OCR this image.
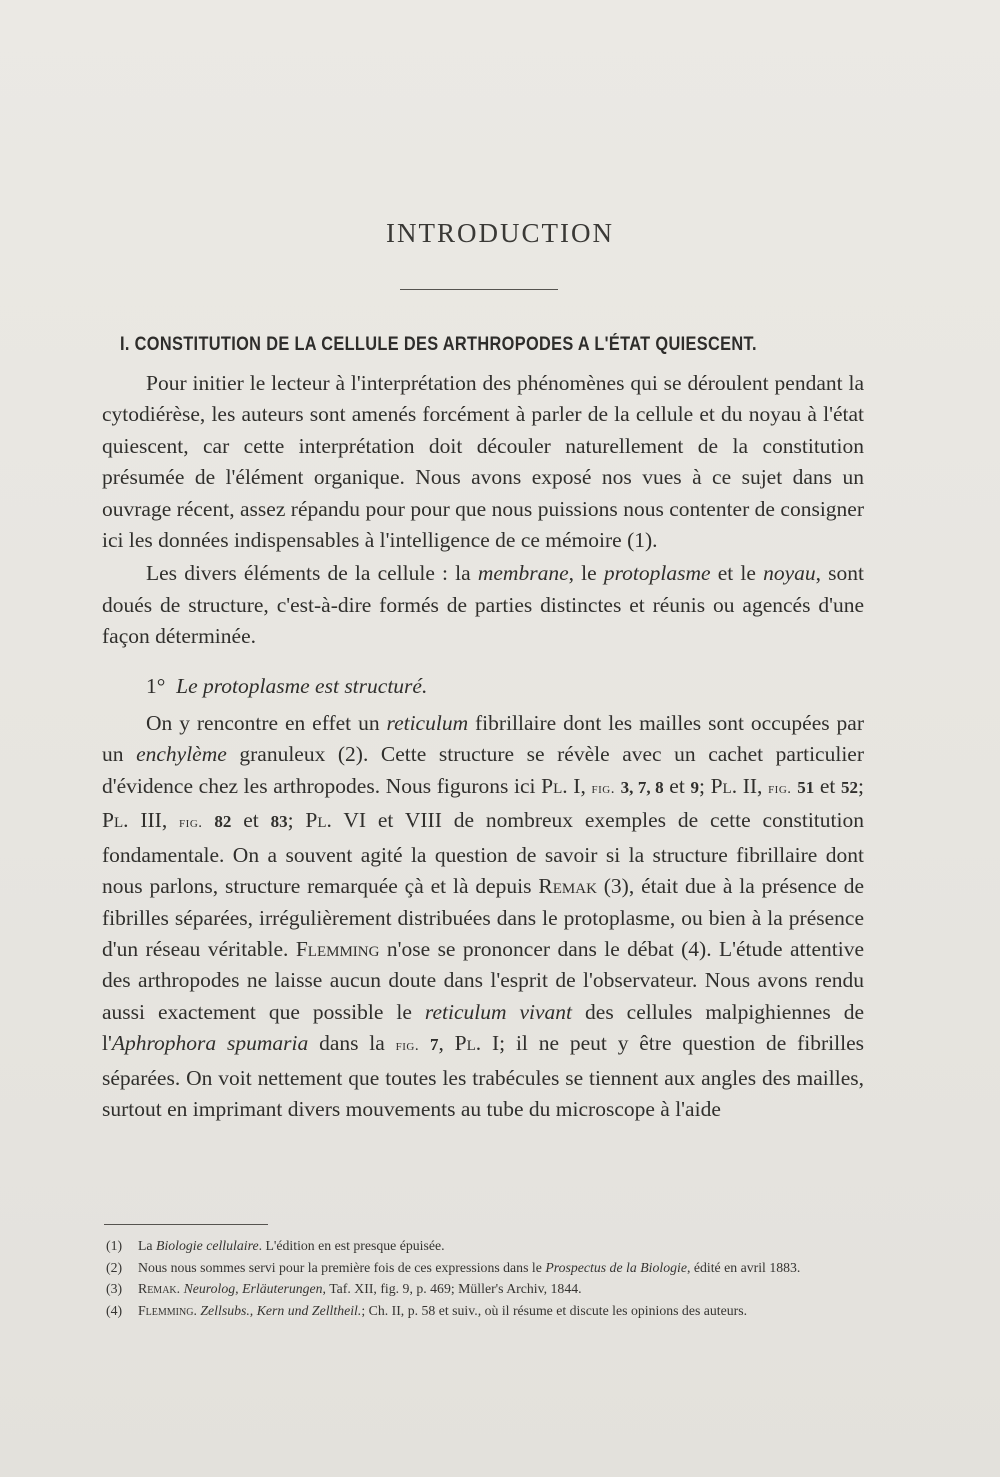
INTRODUCTION
I. CONSTITUTION DE LA CELLULE DES ARTHROPODES A L'ÉTAT QUIESCENT.

Pour initier le lecteur à l'interprétation des phénomènes qui se déroulent pendant la cytodiérèse, les auteurs sont amenés forcément à parler de la cellule et du noyau à l'état quiescent, car cette interprétation doit découler naturellement de la constitution présumée de l'élément organique. Nous avons exposé nos vues à ce sujet dans un ouvrage récent, assez répandu pour pour que nous puissions nous contenter de consigner ici les données indispensables à l'intelligence de ce mémoire (1).

Les divers éléments de la cellule : la membrane, le protoplasme et le noyau, sont doués de structure, c'est-à-dire formés de parties distinctes et réunis ou agencés d'une façon déterminée.

1° Le protoplasme est structuré.

On y rencontre en effet un reticulum fibrillaire dont les mailles sont occupées par un enchylème granuleux (2). Cette structure se révèle avec un cachet particulier d'évidence chez les arthropodes. Nous figurons ici Pl. I, fig. 3, 7, 8 et 9; Pl. II, fig. 51 et 52; Pl. III, fig. 82 et 83; Pl. VI et VIII de nombreux exemples de cette constitution fondamentale. On a souvent agité la question de savoir si la structure fibrillaire dont nous parlons, structure remarquée çà et là depuis Remak (3), était due à la présence de fibrilles séparées, irrégulièrement distribuées dans le protoplasme, ou bien à la présence d'un réseau véritable. Flemming n'ose se prononcer dans le débat (4). L'étude attentive des arthropodes ne laisse aucun doute dans l'esprit de l'observateur. Nous avons rendu aussi exactement que possible le reticulum vivant des cellules malpighiennes de l'Aphrophora spumaria dans la fig. 7, Pl. I; il ne peut y être question de fibrilles séparées. On voit nettement que toutes les trabécules se tiennent aux angles des mailles, surtout en imprimant divers mouvements au tube du microscope à l'aide

(1) La Biologie cellulaire. L'édition en est presque épuisée.

(2) Nous nous sommes servi pour la première fois de ces expressions dans le Prospectus de la Biologie, édité en avril 1883.

(3) Remak. Neurolog, Erläuterungen, Taf. XII, fig. 9, p. 469; Müller's Archiv, 1844.

(4) Flemming. Zellsubs., Kern und Zelltheil.; Ch. II, p. 58 et suiv., où il résume et discute les opinions des auteurs.
